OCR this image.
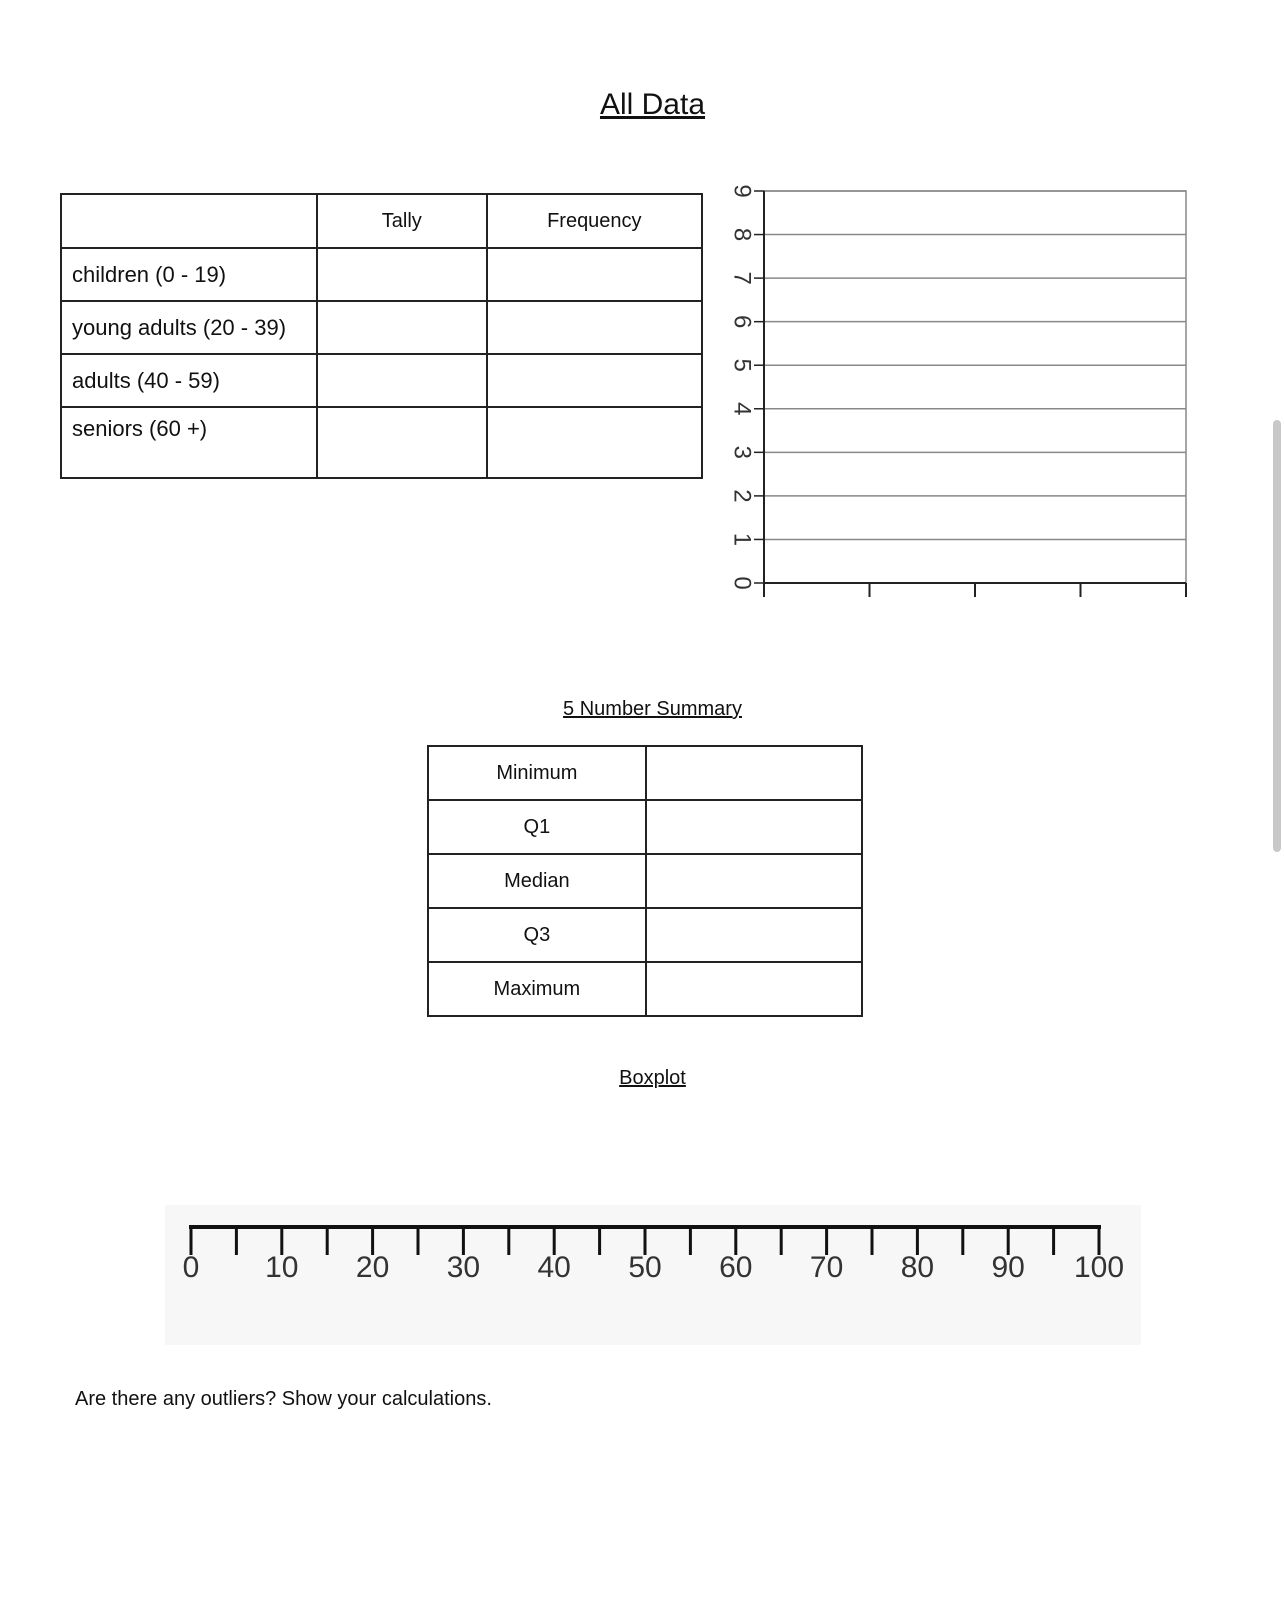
All Data
	Tally	Frequency
children (0 - 19)		
young adults (20 - 39)		
adults (40 - 59)		
seniors (60 +)		
0
1
2
3
4
5
6
7
8
9
5 Number Summary
Minimum	
Q1	
Median	
Q3	
Maximum	
Boxplot
0 10 20 30 40 50 60 70 80 90 100
Are there any outliers? Show your calculations.
